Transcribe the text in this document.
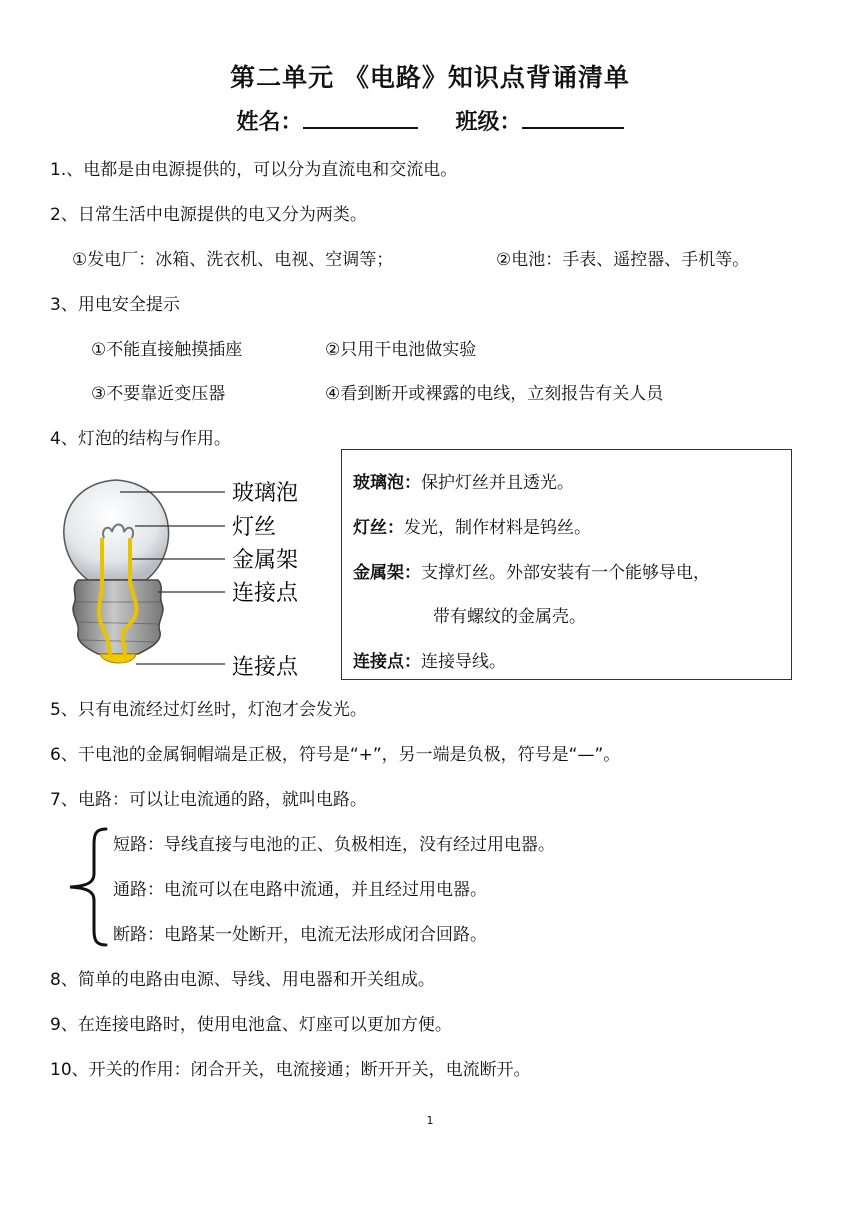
第二单元 《电路》知识点背诵清单
姓名：	班级：
1.、电都是由电源提供的，可以分为直流电和交流电。
2、日常生活中电源提供的电又分为两类。
①发电厂：冰箱、洗衣机、电视、空调等；	②电池：手表、遥控器、手机等。
3、用电安全提示
①不能直接触摸插座	②只用干电池做实验
③不要靠近变压器	④看到断开或裸露的电线，立刻报告有关人员
4、灯泡的结构与作用。
玻璃泡
灯丝
金属架
连接点
连接点
玻璃泡：保护灯丝并且透光。
灯丝：发光，制作材料是钨丝。
金属架：支撑灯丝。外部安装有一个能够导电，
带有螺纹的金属壳。
连接点：连接导线。
5、只有电流经过灯丝时，灯泡才会发光。
6、干电池的金属铜帽端是正极，符号是“+”，另一端是负极，符号是“—”。
7、电路：可以让电流通的路，就叫电路。
短路：导线直接与电池的正、负极相连，没有经过用电器。
通路：电流可以在电路中流通，并且经过用电器。
断路：电路某一处断开，电流无法形成闭合回路。
8、简单的电路由电源、导线、用电器和开关组成。
9、在连接电路时，使用电池盒、灯座可以更加方便。
10、开关的作用：闭合开关，电流接通；断开开关，电流断开。
1
